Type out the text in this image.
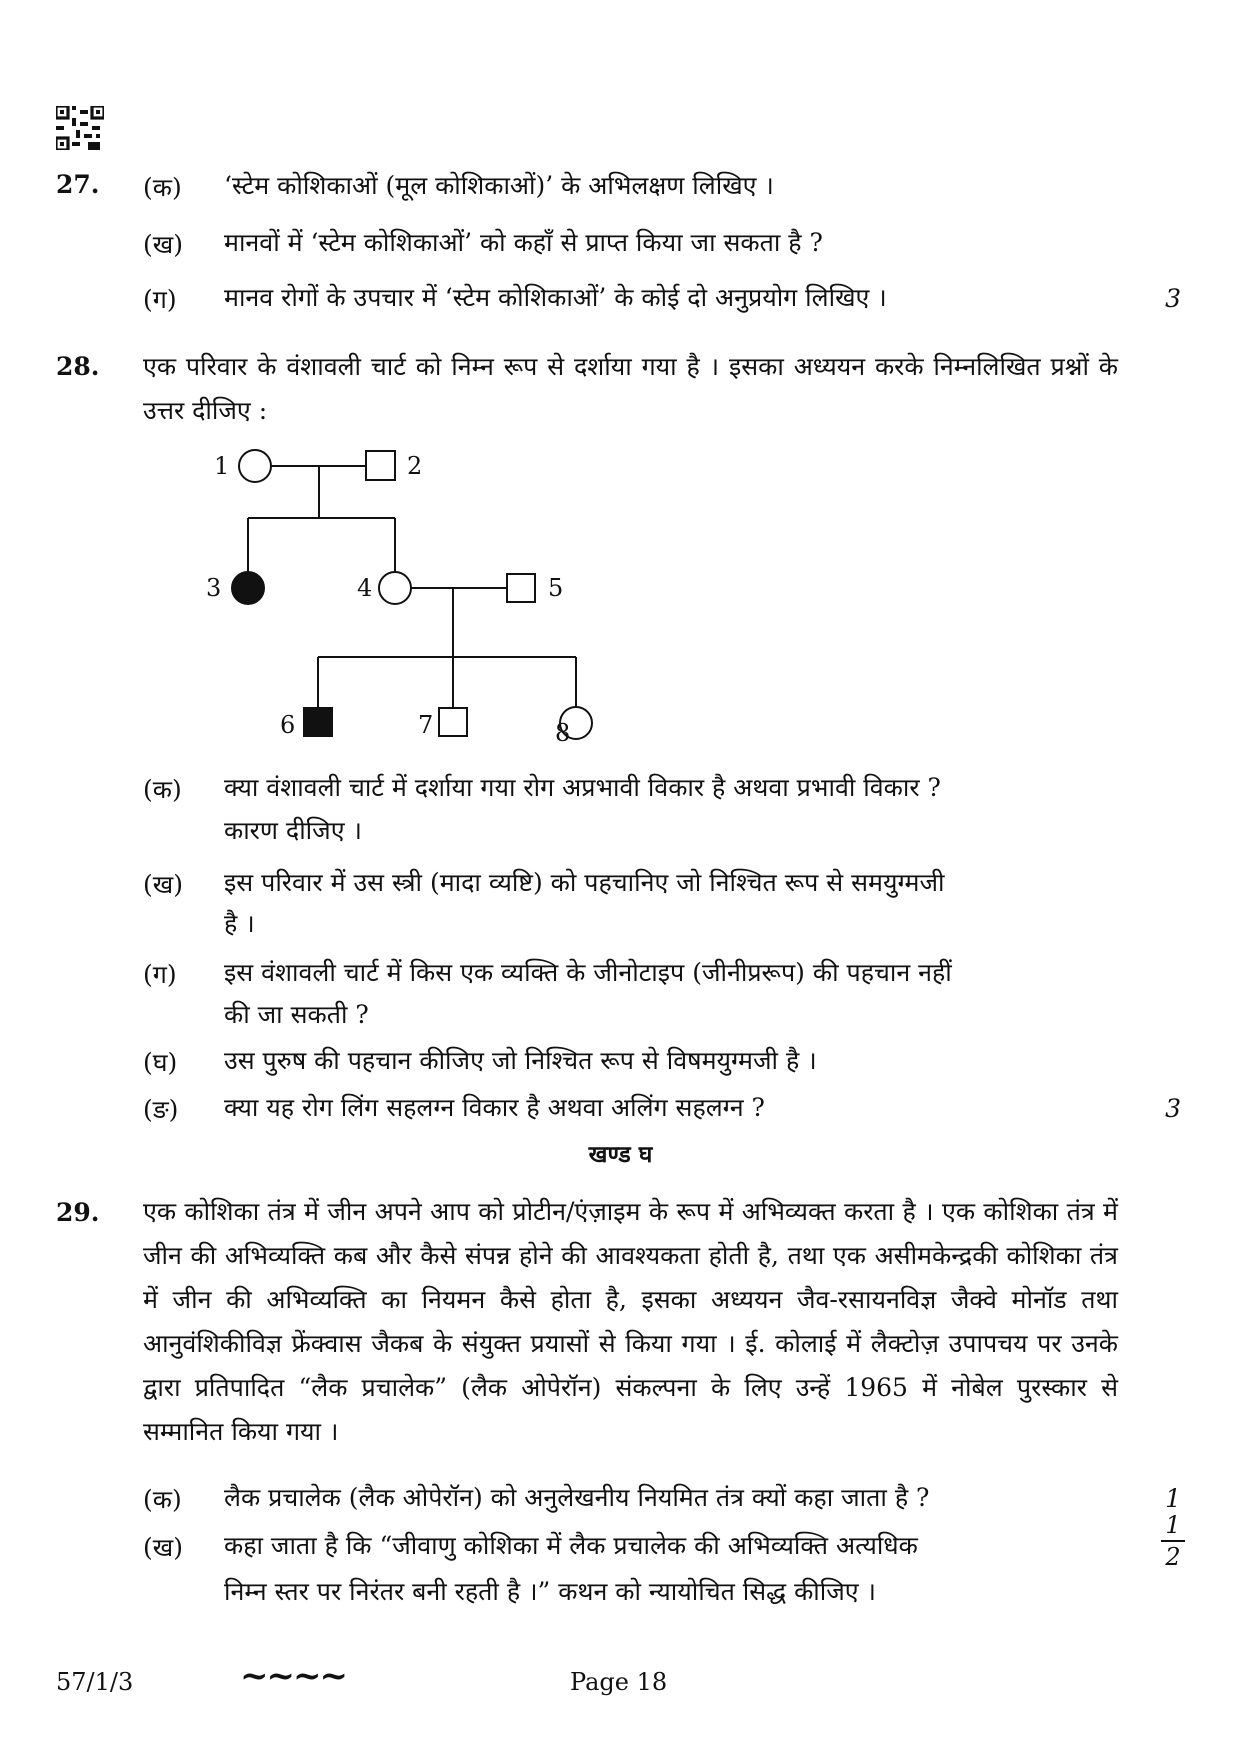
27. (क) ‘स्टेम कोशिकाओं (मूल कोशिकाओं)’ के अभिलक्षण लिखिए ।
(ख) मानवों में ‘स्टेम कोशिकाओं’ को कहाँ से प्राप्त किया जा सकता है ?
(ग) मानव रोगों के उपचार में ‘स्टेम कोशिकाओं’ के कोई दो अनुप्रयोग लिखिए ।	3
28. एक परिवार के वंशावली चार्ट को निम्न रूप से दर्शाया गया है । इसका अध्ययन करके निम्नलिखित प्रश्नों के उत्तर दीजिए :
1	2
3	4	5
6	7	8
(क) क्या वंशावली चार्ट में दर्शाया गया रोग अप्रभावी विकार है अथवा प्रभावी विकार ?
कारण दीजिए ।
(ख) इस परिवार में उस स्त्री (मादा व्यष्टि) को पहचानिए जो निश्चित रूप से समयुग्मजी
है ।
(ग) इस वंशावली चार्ट में किस एक व्यक्ति के जीनोटाइप (जीनीप्ररूप) की पहचान नहीं
की जा सकती ?
(घ) उस पुरुष की पहचान कीजिए जो निश्चित रूप से विषमयुग्मजी है ।
(ङ) क्या यह रोग लिंग सहलग्न विकार है अथवा अलिंग सहलग्न ?	3
खण्ड घ
29. एक कोशिका तंत्र में जीन अपने आप को प्रोटीन/एंज़ाइम के रूप में अभिव्यक्त करता है । एक कोशिका तंत्र में जीन की अभिव्यक्ति कब और कैसे संपन्न होने की आवश्यकता होती है, तथा एक असीमकेन्द्रकी कोशिका तंत्र में जीन की अभिव्यक्ति का नियमन कैसे होता है, इसका अध्ययन जैव-रसायनविज्ञ जैक्वे मोनॉड तथा आनुवंशिकीविज्ञ फ्रेंक्वास जैकब के संयुक्त प्रयासों से किया गया । ई. कोलाई में लैक्टोज़ उपापचय पर उनके द्वारा प्रतिपादित “लैक प्रचालेक” (लैक ओपेरॉन) संकल्पना के लिए उन्हें 1965 में नोबेल पुरस्कार से सम्मानित किया गया ।
(क) लैक प्रचालेक (लैक ओपेरॉन) को अनुलेखनीय नियमित तंत्र क्यों कहा जाता है ?	1
(ख) कहा जाता है कि “जीवाणु कोशिका में लैक प्रचालेक की अभिव्यक्ति अत्यधिक
निम्न स्तर पर निरंतर बनी रहती है ।” कथन को न्यायोचित सिद्ध कीजिए ।
$\frac{1}{2}$
57/1/3	~~~~	Page 18
